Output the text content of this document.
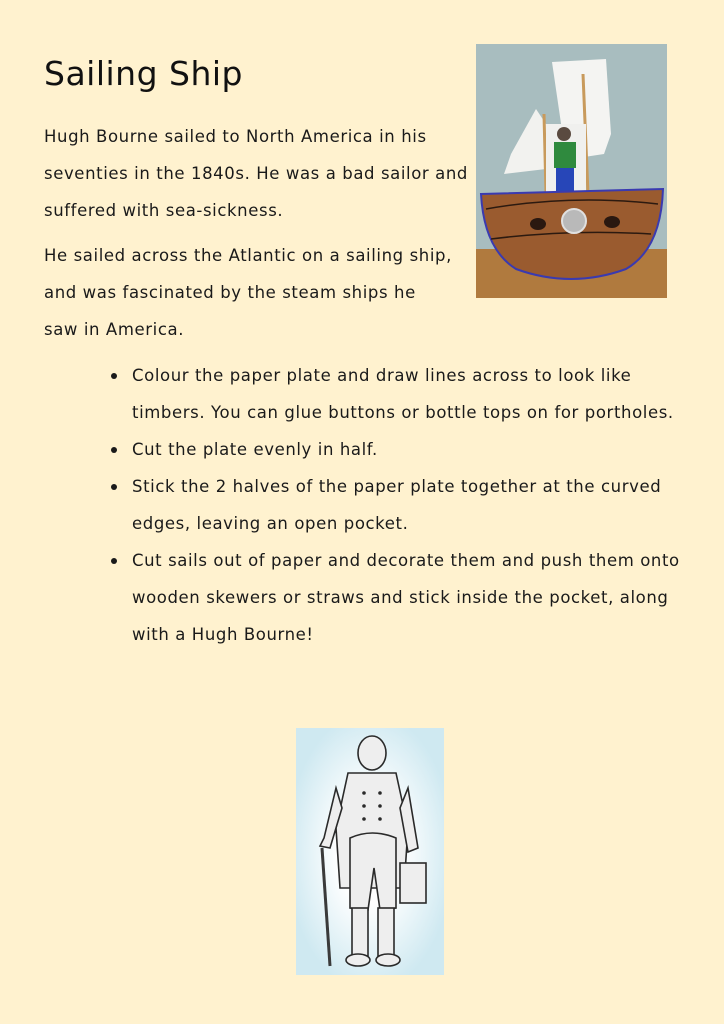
Sailing Ship

Hugh Bourne sailed to North America in his seventies in the 1840s. He was a bad sailor and suffered with sea-sickness.

He sailed across the Atlantic on a sailing ship, and was fascinated by the steam ships he saw in America.

Colour the paper plate and draw lines across to look like timbers. You can glue buttons or bottle tops on for portholes.
Cut the plate evenly in half.
Stick the 2 halves of the paper plate together at the curved edges, leaving an open pocket.
Cut sails out of paper and decorate them and push them onto wooden skewers or straws and stick inside the pocket, along with a Hugh Bourne!
